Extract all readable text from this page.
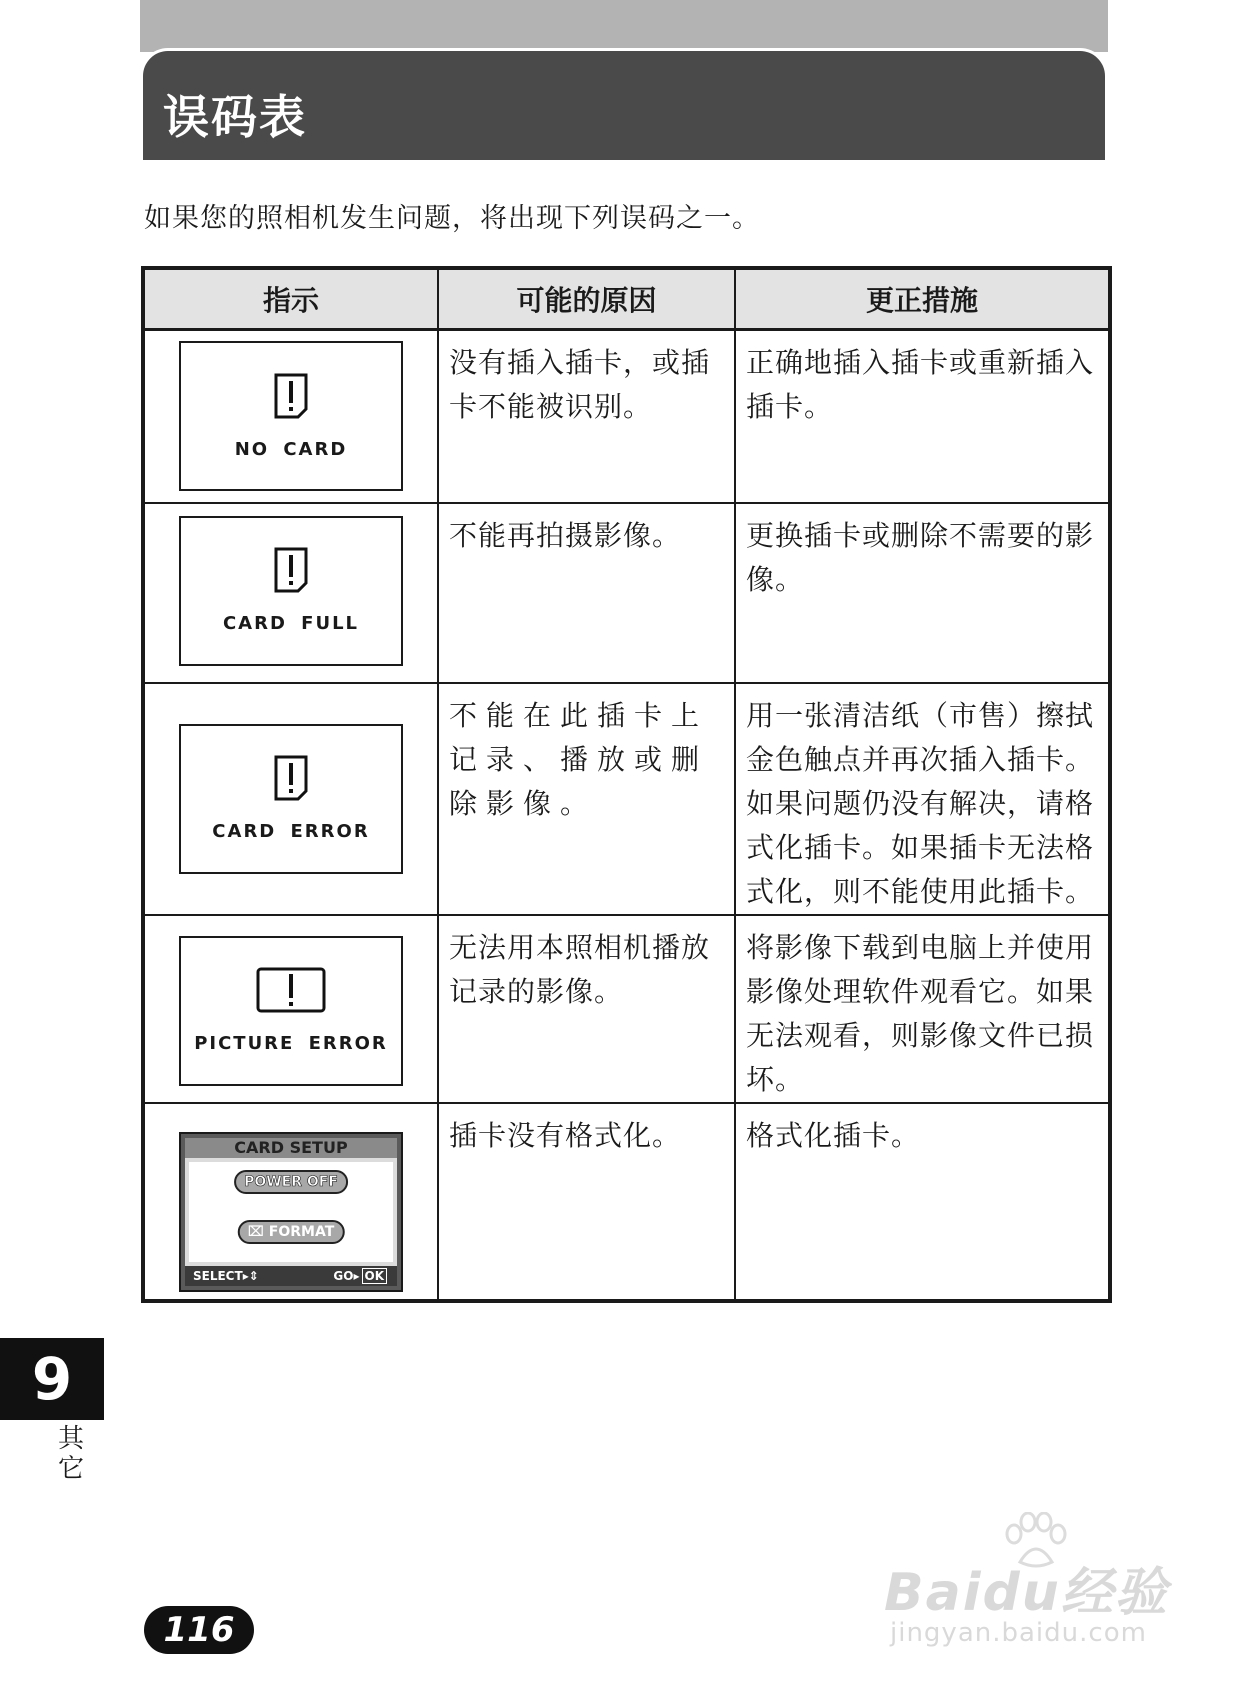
误码表
如果您的照相机发生问题，将出现下列误码之一。
指示	可能的原因	更正措施

NO CARD	没有插入插卡，或插卡不能被识别。	正确地插入插卡或重新插入插卡。

CARD FULL	不能再拍摄影像。	更换插卡或删除不需要的影像。

CARD ERROR	不能在此插卡上记录、播放或删除影像。	用一张清洁纸（市售）擦拭金色触点并再次插入插卡。如果问题仍没有解决，请格式化插卡。如果插卡无法格式化，则不能使用此插卡。

PICTURE ERROR	无法用本照相机播放记录的影像。	将影像下载到电脑上并使用影像处理软件观看它。如果无法观看，则影像文件已损坏。

CARD SETUP
POWER OFF
⌧ FORMAT
SELECT▸⇕ GO▸ OK	插卡没有格式化。	格式化插卡。
9
其它
116
Baidu经验
jingyan.baidu.com
